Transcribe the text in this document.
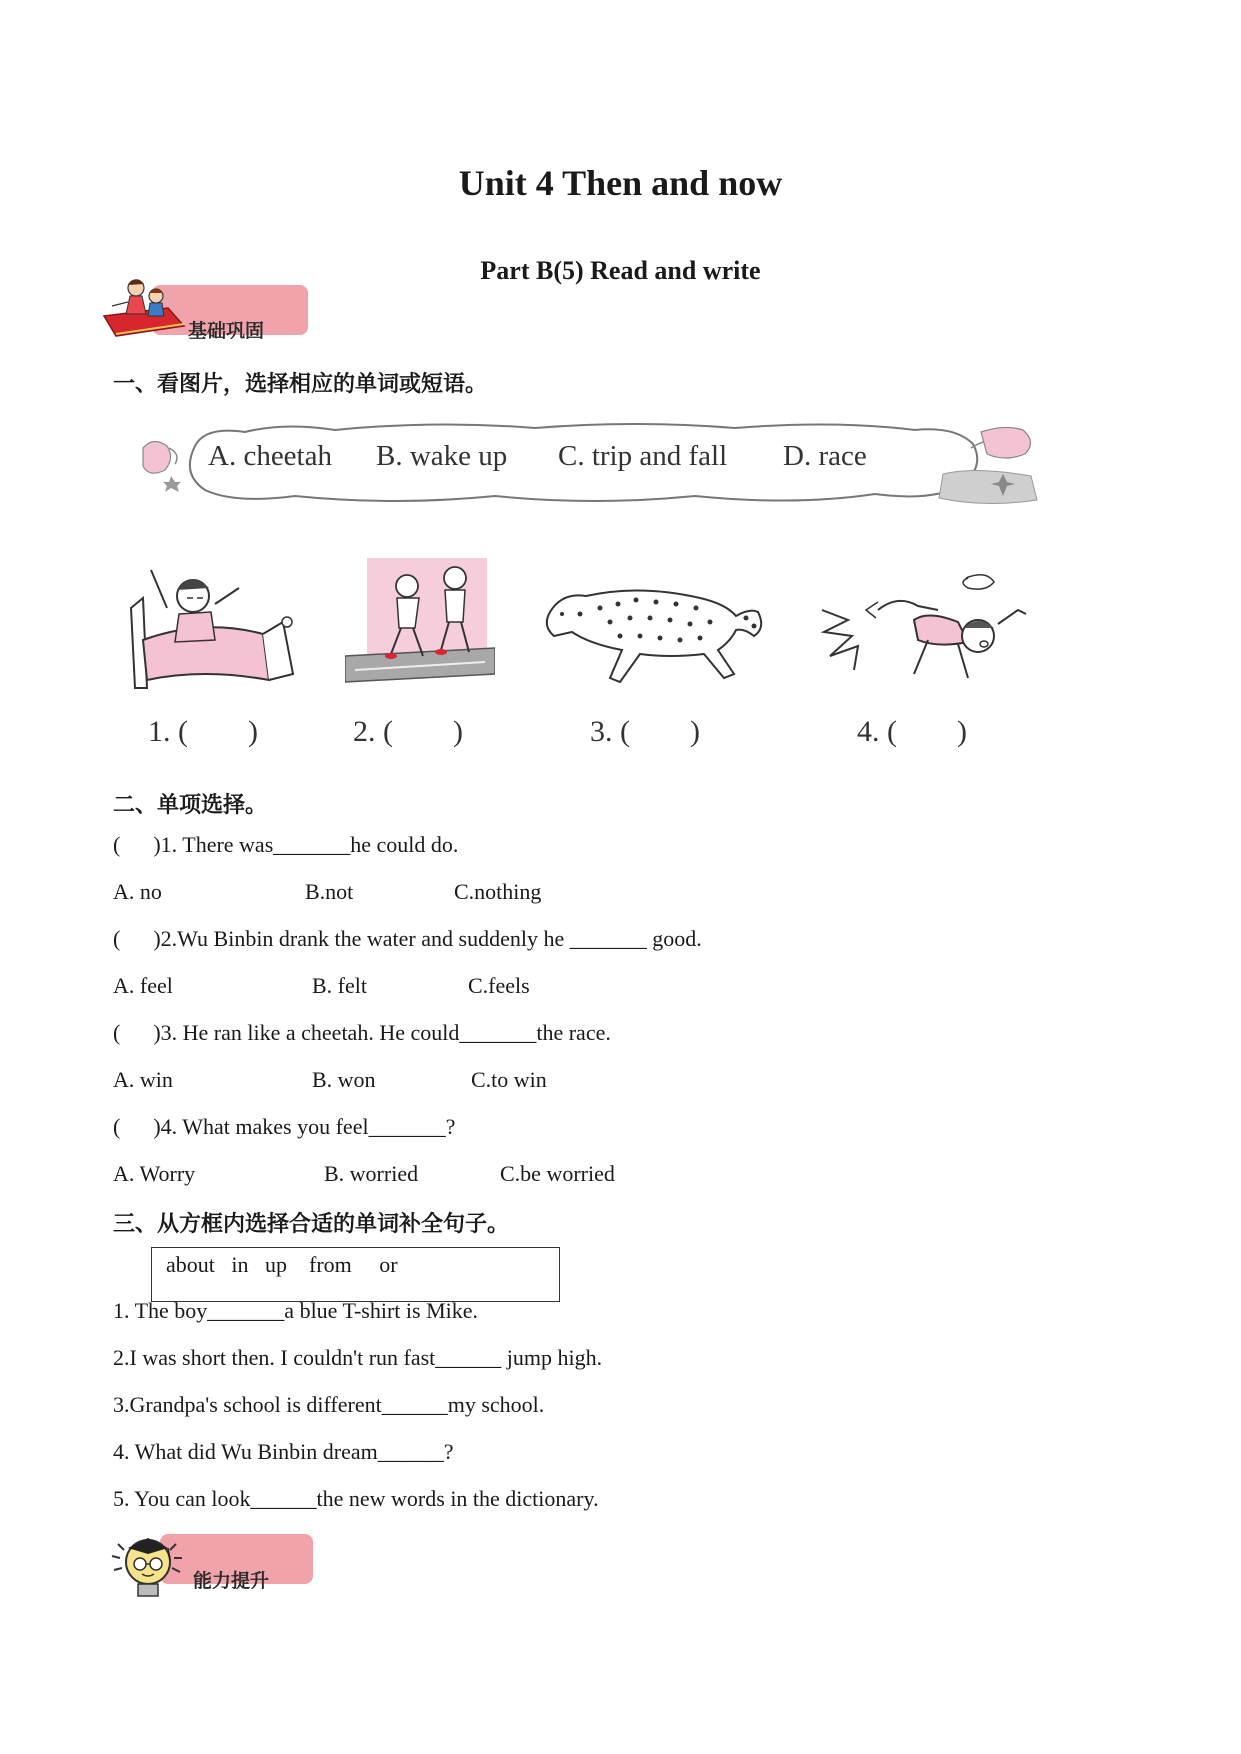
Unit 4 Then and now
Part B(5) Read and write
基础巩固
一、看图片，选择相应的单词或短语。
A. cheetah B. wake up C. trip and fall D. race
1. (　　)	2. (　　)	3. (　　)	4. (　　)
二、单项选择。
(      )1. There was_______he could do.
A. no	B.not	C.nothing
(      )2.Wu Binbin drank the water and suddenly he _______ good.
A. feel	B. felt	C.feels
(      )3. He ran like a cheetah. He could_______the race.
A. win	B. won	C.to win
(      )4. What makes you feel_______?
A. Worry	B. worried	C.be worried
三、从方框内选择合适的单词补全句子。
about   in   up    from     or
1. The boy_______a blue T-shirt is Mike.
2.I was short then. I couldn't run fast______ jump high.
3.Grandpa's school is different______my school.
4. What did Wu Binbin dream______?
5. You can look______the new words in the dictionary.
能力提升
